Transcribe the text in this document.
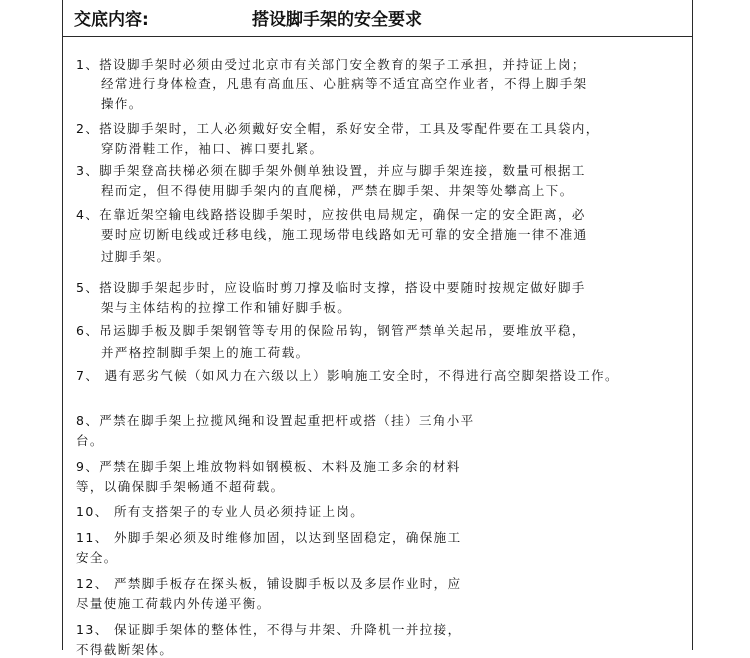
交底内容:	搭设脚手架的安全要求
1、搭设脚手架时必须由受过北京市有关部门安全教育的架子工承担，并持证上岗；
经常进行身体检查，凡患有高血压、心脏病等不适宜高空作业者，不得上脚手架
操作。
2、搭设脚手架时，工人必须戴好安全帽，系好安全带，工具及零配件要在工具袋内，
穿防滑鞋工作，袖口、裤口要扎紧。
3、脚手架登高扶梯必须在脚手架外侧单独设置，并应与脚手架连接，数量可根据工
程而定，但不得使用脚手架内的直爬梯，严禁在脚手架、井架等处攀高上下。
4、在靠近架空输电线路搭设脚手架时，应按供电局规定，确保一定的安全距离，必
要时应切断电线或迁移电线，施工现场带电线路如无可靠的安全措施一律不准通
过脚手架。
5、搭设脚手架起步时，应设临时剪刀撑及临时支撑，搭设中要随时按规定做好脚手
架与主体结构的拉撑工作和铺好脚手板。
6、吊运脚手板及脚手架钢管等专用的保险吊钩，钢管严禁单关起吊，要堆放平稳，
并严格控制脚手架上的施工荷载。
7、 遇有恶劣气候（如风力在六级以上）影响施工安全时，不得进行高空脚架搭设工作。
8、严禁在脚手架上拉揽风绳和设置起重把杆或搭（挂）三角小平
台。
9、严禁在脚手架上堆放物料如钢模板、木料及施工多余的材料
等，以确保脚手架畅通不超荷载。
10、 所有支搭架子的专业人员必须持证上岗。
11、 外脚手架必须及时维修加固，以达到坚固稳定，确保施工
安全。
12、 严禁脚手板存在探头板，铺设脚手板以及多层作业时，应
尽量使施工荷载内外传递平衡。
13、 保证脚手架体的整体性，不得与井架、升降机一并拉接，
不得截断架体。
